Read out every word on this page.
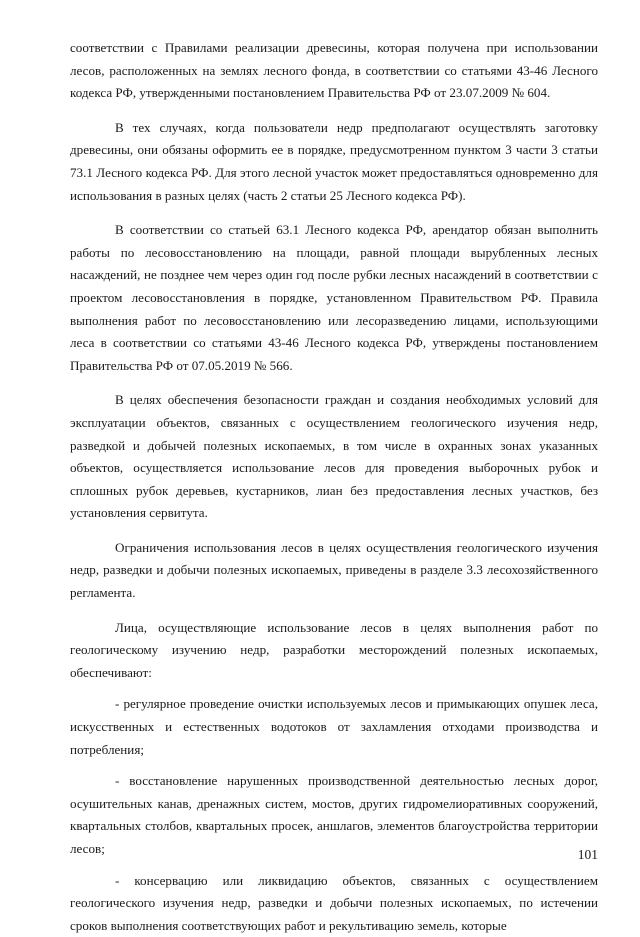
соответствии с Правилами реализации древесины, которая получена при использовании лесов, расположенных на землях лесного фонда, в соответствии со статьями 43-46 Лесного кодекса РФ, утвержденными постановлением Правительства РФ от 23.07.2009 № 604.

В тех случаях, когда пользователи недр предполагают осуществлять заготовку древесины, они обязаны оформить ее в порядке, предусмотренном пунктом 3 части 3 статьи 73.1 Лесного кодекса РФ. Для этого лесной участок может предоставляться одновременно для использования в разных целях (часть 2 статьи 25 Лесного кодекса РФ).

В соответствии со статьей 63.1 Лесного кодекса РФ, арендатор обязан выполнить работы по лесовосстановлению на площади, равной площади вырубленных лесных насаждений, не позднее чем через один год после рубки лесных насаждений в соответствии с проектом лесовосстановления в порядке, установленном Правительством РФ. Правила выполнения работ по лесовосстановлению или лесоразведению лицами, использующими леса в соответствии со статьями 43-46 Лесного кодекса РФ, утверждены постановлением Правительства РФ от 07.05.2019 № 566.

В целях обеспечения безопасности граждан и создания необходимых условий для эксплуатации объектов, связанных с осуществлением геологического изучения недр, разведкой и добычей полезных ископаемых, в том числе в охранных зонах указанных объектов, осуществляется использование лесов для проведения выборочных рубок и сплошных рубок деревьев, кустарников, лиан без предоставления лесных участков, без установления сервитута.

Ограничения использования лесов в целях осуществления геологического изучения недр, разведки и добычи полезных ископаемых, приведены в разделе 3.3 лесохозяйственного регламента.

Лица, осуществляющие использование лесов в целях выполнения работ по геологическому изучению недр, разработки месторождений полезных ископаемых, обеспечивают:

- регулярное проведение очистки используемых лесов и примыкающих опушек леса, искусственных и естественных водотоков от захламления отходами производства и потребления;

- восстановление нарушенных производственной деятельностью лесных дорог, осушительных канав, дренажных систем, мостов, других гидромелиоративных сооружений, квартальных столбов, квартальных просек, аншлагов, элементов благоустройства территории лесов;

- консервацию или ликвидацию объектов, связанных с осуществлением геологического изучения недр, разведки и добычи полезных ископаемых, по истечении сроков выполнения соответствующих работ и рекультивацию земель, которые

101
